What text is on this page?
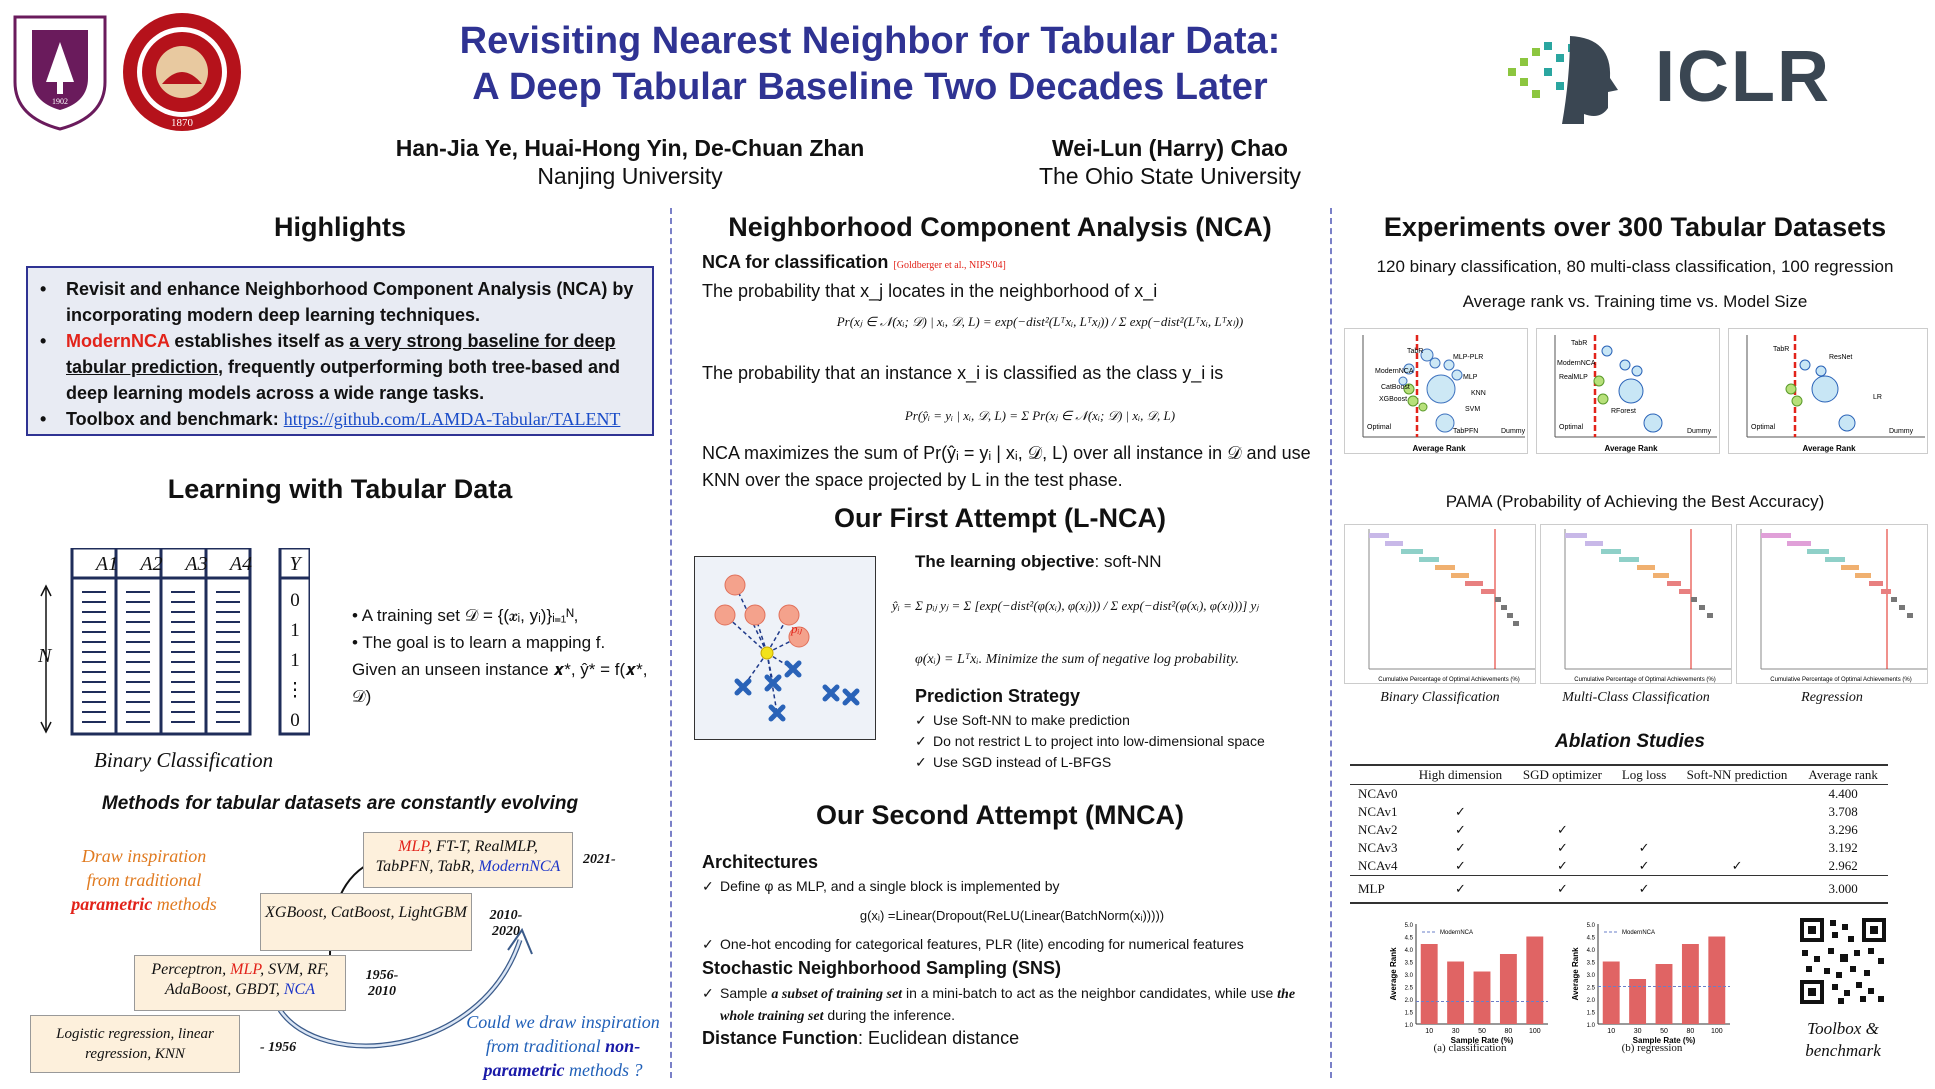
1902
1870
Revisiting Nearest Neighbor for Tabular Data:
A Deep Tabular Baseline Two Decades Later
Han-Jia Ye, Huai-Hong Yin, De-Chuan Zhan
Nanjing University
Wei-Lun (Harry) Chao
The Ohio State University
ICLR
Highlights
• Revisit and enhance Neighborhood Component Analysis (NCA) by incorporating modern deep learning techniques.
• ModernNCA establishes itself as a very strong baseline for deep tabular prediction, frequently outperforming both tree-based and deep learning models across a wide range tasks.
• Toolbox and benchmark: https://github.com/LAMDA-Tabular/TALENT
Learning with Tabular Data
A1 A2 A3 A4	Y
0
1
1
⋮
0
N
Binary Classification
• A training set 𝒟 = {(𝒙ᵢ, yᵢ)}ᵢ₌₁ᴺ,
• The goal is to learn a mapping f.
Given an unseen instance 𝒙*, ŷ* = f(𝒙*, 𝒟)
Methods for tabular datasets are constantly evolving
MLP, FT-T, RealMLP,
TabPFN, TabR, ModernNCA	2021-
XGBoost, CatBoost, LightGBM	2010-2020
Perceptron, MLP, SVM, RF,
AdaBoost, GBDT, NCA
1956-2010
Logistic regression, linear regression, KNN	- 1956
Draw inspiration
from traditional
parametric methods
Could we draw inspiration
from traditional non-
parametric methods ?
Neighborhood Component Analysis (NCA)
NCA for classification [Goldberger et al., NIPS'04]
The probability that x_j locates in the neighborhood of x_i
Pr(xⱼ ∈ 𝒩(xᵢ; 𝒟) | xᵢ, 𝒟, L) = exp(−dist²(Lᵀxᵢ, Lᵀxⱼ)) / Σ exp(−dist²(Lᵀxᵢ, Lᵀxₗ))
The probability that an instance x_i is classified as the class y_i is
Pr(ŷᵢ = yᵢ | xᵢ, 𝒟, L) = Σ Pr(xⱼ ∈ 𝒩(xᵢ; 𝒟) | xᵢ, 𝒟, L)
NCA maximizes the sum of Pr(ŷᵢ = yᵢ | xᵢ, 𝒟, L) over all instance in 𝒟 and use KNN over the space projected by L in the test phase.
Our First Attempt (L-NCA)
pᵢⱼ
The learning objective: soft-NN
ŷᵢ = Σ pᵢⱼ yⱼ = Σ [exp(−dist²(φ(xᵢ), φ(xⱼ))) / Σ exp(−dist²(φ(xᵢ), φ(xₗ)))] yⱼ
φ(xᵢ) = Lᵀxᵢ. Minimize the sum of negative log probability.
Prediction Strategy
✓ Use Soft-NN to make prediction
✓ Do not restrict L to project into low-dimensional space
✓ Use SGD instead of L-BFGS
Our Second Attempt (MNCA)
Architectures
✓ Define φ as MLP, and a single block is implemented by
g(xᵢ) =Linear(Dropout(ReLU(Linear(BatchNorm(xᵢ)))))
✓ One-hot encoding for categorical features, PLR (lite) encoding for numerical features
Stochastic Neighborhood Sampling (SNS)
✓ Sample a subset of training set in a mini-batch to act as the neighbor candidates, while use the whole training set during the inference.
Distance Function: Euclidean distance
Experiments over 300 Tabular Datasets
120 binary classification, 80 multi-class classification, 100 regression
Average rank vs. Training time vs. Model Size
Optimal
TabR
ModernNCA
CatBoost
XGBoost
MLP-PLR
MLP
KNN
SVM
TabPFN	Dummy
Average Rank
Optimal
TabR
ModernNCA
RealMLP
RForest
Dummy
Average Rank
Optimal
TabR
ResNet
LR
Dummy
Average Rank
PAMA (Probability of Achieving the Best Accuracy)
Cumulative Percentage of Optimal Achievements (%)	Cumulative Percentage of Optimal Achievements (%)	Cumulative Percentage of Optimal Achievements (%)
Binary Classification	Multi-Class Classification	Regression
Ablation Studies
	High dimension	SGD optimizer	Log loss	Soft-NN prediction	Average rank
NCAv0					4.400
NCAv1	✓				3.708
NCAv2	✓	✓			3.296
NCAv3	✓	✓	✓		3.192
NCAv4	✓	✓	✓	✓	2.962
MLP	✓	✓	✓		3.000
1.0
1.5
2.0
2.5
3.0
3.5
4.0
4.5
5.0
10	30	50	80 100
ModernNCA
Sample Rate (%)
Average Rank
1.0
1.5
2.0
2.5
3.0
3.5
4.0
4.5
5.0
10	30	50	80 100
ModernNCA
Sample Rate (%)
Average Rank
(a) classification	(b) regression
Toolbox &
benchmark
